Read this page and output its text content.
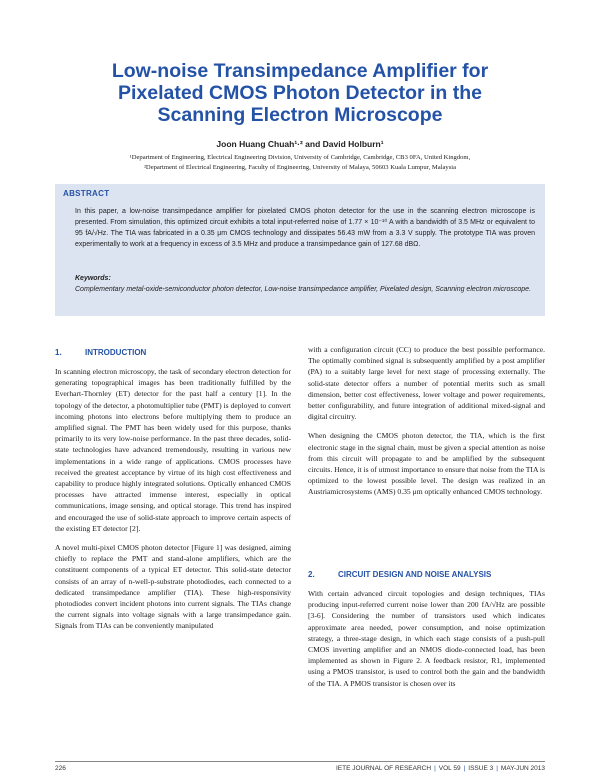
Low-noise Transimpedance Amplifier for
Pixelated CMOS Photon Detector in the
Scanning Electron Microscope
Joon Huang Chuah¹·² and David Holburn¹
¹Department of Engineering, Electrical Engineering Division, University of Cambridge, Cambridge, CB3 0FA, United Kingdom,
²Department of Electrical Engineering, Faculty of Engineering, University of Malaya, 50603 Kuala Lumpur, Malaysia
ABSTRACT
In this paper, a low-noise transimpedance amplifier for pixelated CMOS photon detector for the use in the scanning electron microscope is presented. From simulation, this optimized circuit exhibits a total input-referred noise of 1.77 × 10⁻¹⁰ A with a bandwidth of 3.5 MHz or equivalent to 95 fA/√Hz. The TIA was fabricated in a 0.35 μm CMOS technology and dissipates 56.43 mW from a 3.3 V supply. The prototype TIA was proven experimentally to work at a frequency in excess of 3.5 MHz and produce a transimpedance gain of 127.68 dBΩ.
Keywords:
Complementary metal-oxide-semiconductor photon detector, Low-noise transimpedance amplifier, Pixelated design, Scanning electron microscope.
1.	INTRODUCTION

In scanning electron microscopy, the task of secondary electron detection for generating topographical images has been traditionally fulfilled by the Everhart-Thornley (ET) detector for the past half a century [1]. In the topology of the detector, a photomultiplier tube (PMT) is deployed to convert incoming photons into electrons before multiplying them to produce an amplified signal. The PMT has been widely used for this purpose, thanks primarily to its very low-noise performance. In the past three decades, solid-state technologies have advanced tremendously, resulting in various new implementations in a wide range of applications. CMOS processes have received the greatest acceptance by virtue of its high cost effectiveness and capability to produce highly integrated solutions. Optically enhanced CMOS processes have attracted immense interest, especially in optical communications, image sensing, and optical storage. This trend has inspired and encouraged the use of solid-state approach to improve certain aspects of the existing ET detector [2].

A novel multi-pixel CMOS photon detector [Figure 1] was designed, aiming chiefly to replace the PMT and stand-alone amplifiers, which are the constituent components of a typical ET detector. This solid-state detector consists of an array of n-well-p-substrate photodiodes, each connected to a dedicated transimpedance amplifier (TIA). These high-responsivity photodiodes convert incident photons into current signals. The TIAs change the current signals into voltage signals with a large transimpedance gain. Signals from TIAs can be conveniently manipulated

with a configuration circuit (CC) to produce the best possible performance. The optimally combined signal is subsequently amplified by a post amplifier (PA) to a suitably large level for next stage of processing externally. The solid-state detector offers a number of potential merits such as small dimension, better cost effectiveness, lower voltage and power requirements, better configurability, and future integration of additional mixed-signal and digital circuitry.

When designing the CMOS photon detector, the TIA, which is the first electronic stage in the signal chain, must be given a special attention as noise from this circuit will propagate to and be amplified by the subsequent circuits. Hence, it is of utmost importance to ensure that noise from the TIA is optimized to the lowest possible level. The design was realized in an Austriamicrosystems (AMS) 0.35 μm optically enhanced CMOS technology.

2.	CIRCUIT DESIGN AND NOISE ANALYSIS

With certain advanced circuit topologies and design techniques, TIAs producing input-referred current noise lower than 200 fA/√Hz are possible [3-6]. Considering the number of transistors used which indicates approximate area needed, power consumption, and noise optimization strategy, a three-stage design, in which each stage consists of a push-pull CMOS inverting amplifier and an NMOS diode-connected load, has been implemented as shown in Figure 2. A feedback resistor, R1, implemented using a PMOS transistor, is used to control both the gain and the bandwidth of the TIA. A PMOS transistor is chosen over its

226	IETE JOURNAL OF RESEARCH | VOL 59 | ISSUE 3 | MAY-JUN 2013
